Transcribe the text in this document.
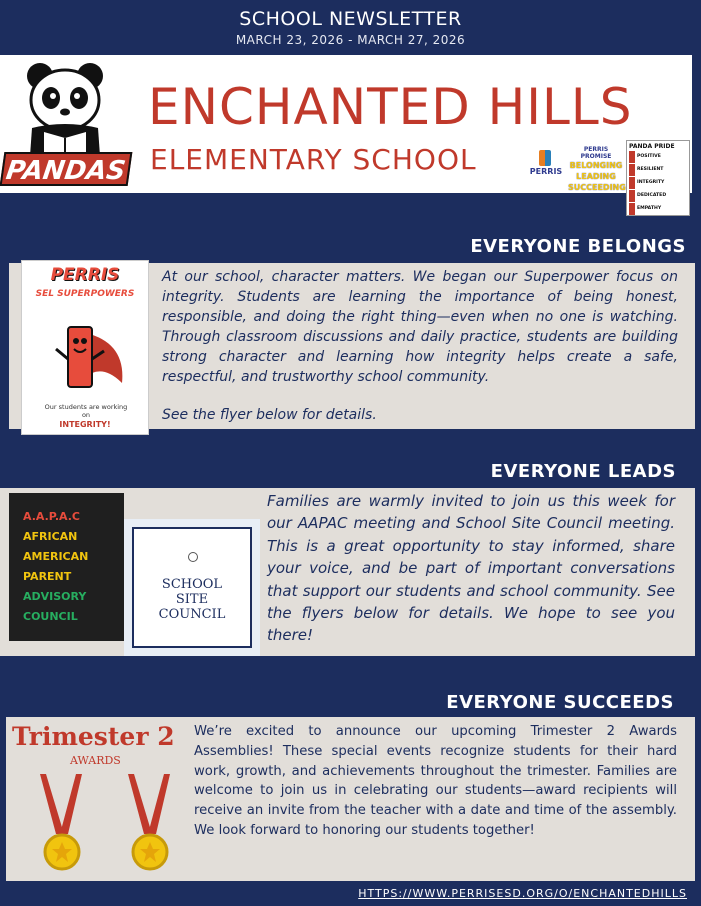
SCHOOL NEWSLETTER
MARCH 23, 2026 - MARCH 27, 2026
PANDAS
ENCHANTED HILLS
ELEMENTARY SCHOOL	PERRIS
PERRIS PROMISE
BELONGING
LEADING
SUCCEEDING
PANDA PRIDE
POSITIVE
RESILIENT
INTEGRITY
DEDICATED
EMPATHY
EVERYONE BELONGS
PERRIS
SEL SUPERPOWERS
Our students are working on
INTEGRITY!
At our school, character matters. We began our Superpower focus on integrity. Students are learning the importance of being honest, responsible, and doing the right thing—even when no one is watching. Through classroom discussions and daily practice, students are building strong character and learning how integrity helps create a safe, respectful, and trustworthy school community.
See the flyer below for details.
EVERYONE LEADS
A.A.P.A.C
AFRICAN
AMERICAN
PARENT
ADVISORY
COUNCIL
SCHOOL
SITE
COUNCIL
Families are warmly invited to join us this week for our AAPAC meeting and School Site Council meeting. This is a great opportunity to stay informed, share your voice, and be part of important conversations that support our students and school community. See the flyers below for details. We hope to see you there!
EVERYONE SUCCEEDS
Trimester 2
AWARDS
We’re excited to announce our upcoming Trimester 2 Awards Assemblies! These special events recognize students for their hard work, growth, and achievements throughout the trimester. Families are welcome to join us in celebrating our students—award recipients will receive an invite from the teacher with a date and time of the assembly. We look forward to honoring our students together!
HTTPS://WWW.PERRISESD.ORG/O/ENCHANTEDHILLS
